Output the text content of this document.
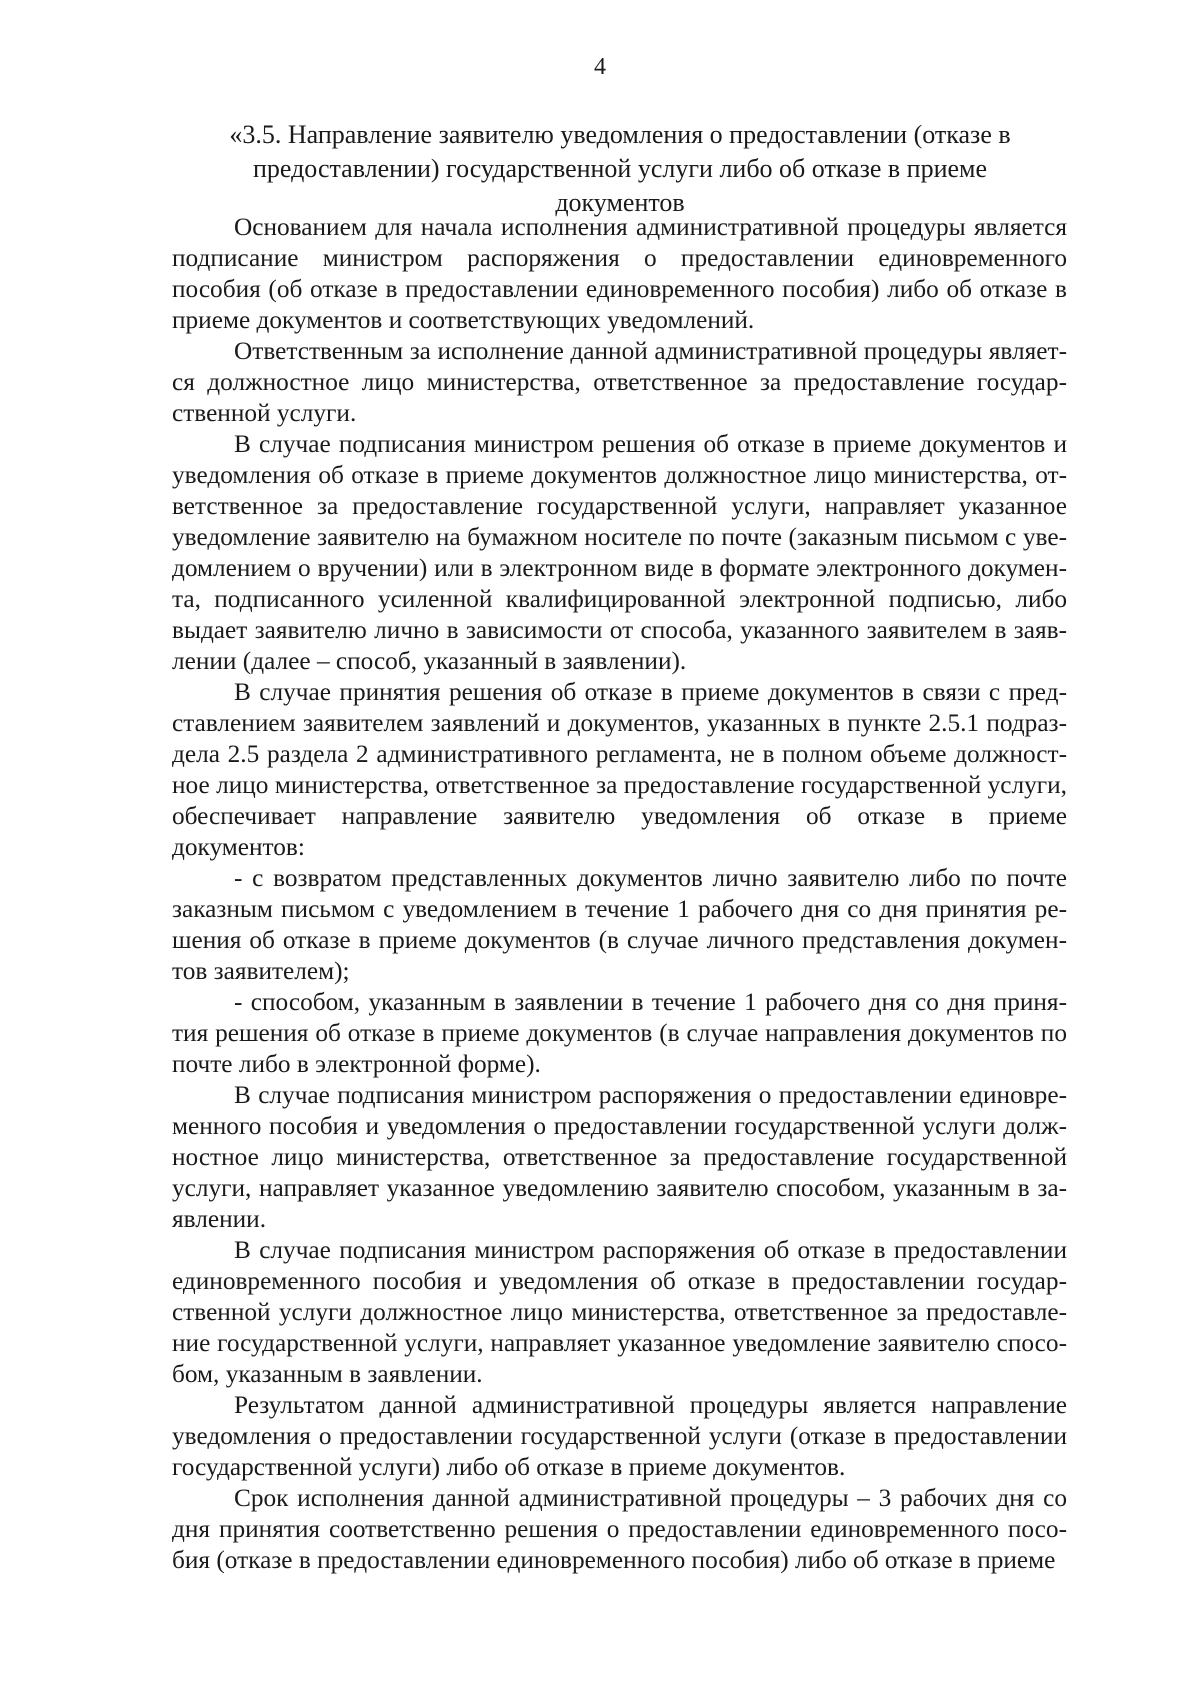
4
«3.5. Направление заявителю уведомления о предоставлении (отказе в предоставлении) государственной услуги либо об отказе в приеме документов

Основанием для начала исполнения административной процедуры является подписание министром распоряжения о предоставлении единовременного пособия (об отказе в предоставлении единовременного пособия) либо об отказе в приеме документов и соответствующих уведомлений.

Ответственным за исполнение данной административной процедуры является должностное лицо министерства, ответственное за предоставление государственной услуги.

В случае подписания министром решения об отказе в приеме документов и уведомления об отказе в приеме документов должностное лицо министерства, ответственное за предоставление государственной услуги, направляет указанное уведомление заявителю на бумажном носителе по почте (заказным письмом с уведомлением о вручении) или в электронном виде в формате электронного документа, подписанного усиленной квалифицированной электронной подписью, либо выдает заявителю лично в зависимости от способа, указанного заявителем в заявлении (далее – способ, указанный в заявлении).

В случае принятия решения об отказе в приеме документов в связи с представлением заявителем заявлений и документов, указанных в пункте 2.5.1 подраздела 2.5 раздела 2 административного регламента, не в полном объеме должностное лицо министерства, ответственное за предоставление государственной услуги, обеспечивает направление заявителю уведомления об отказе в приеме документов:

- с возвратом представленных документов лично заявителю либо по почте заказным письмом с уведомлением в течение 1 рабочего дня со дня принятия решения об отказе в приеме документов (в случае личного представления документов заявителем);

- способом, указанным в заявлении в течение 1 рабочего дня со дня принятия решения об отказе в приеме документов (в случае направления документов по почте либо в электронной форме).

В случае подписания министром распоряжения о предоставлении единовременного пособия и уведомления о предоставлении государственной услуги должностное лицо министерства, ответственное за предоставление государственной услуги, направляет указанное уведомлению заявителю способом, указанным в заявлении.

В случае подписания министром распоряжения об отказе в предоставлении единовременного пособия и уведомления об отказе в предоставлении государственной услуги должностное лицо министерства, ответственное за предоставление государственной услуги, направляет указанное уведомление заявителю способом, указанным в заявлении.

Результатом данной административной процедуры является направление уведомления о предоставлении государственной услуги (отказе в предоставлении государственной услуги) либо об отказе в приеме документов.

Срок исполнения данной административной процедуры – 3 рабочих дня со дня принятия соответственно решения о предоставлении единовременного пособия (отказе в предоставлении единовременного пособия) либо об отказе в приеме
